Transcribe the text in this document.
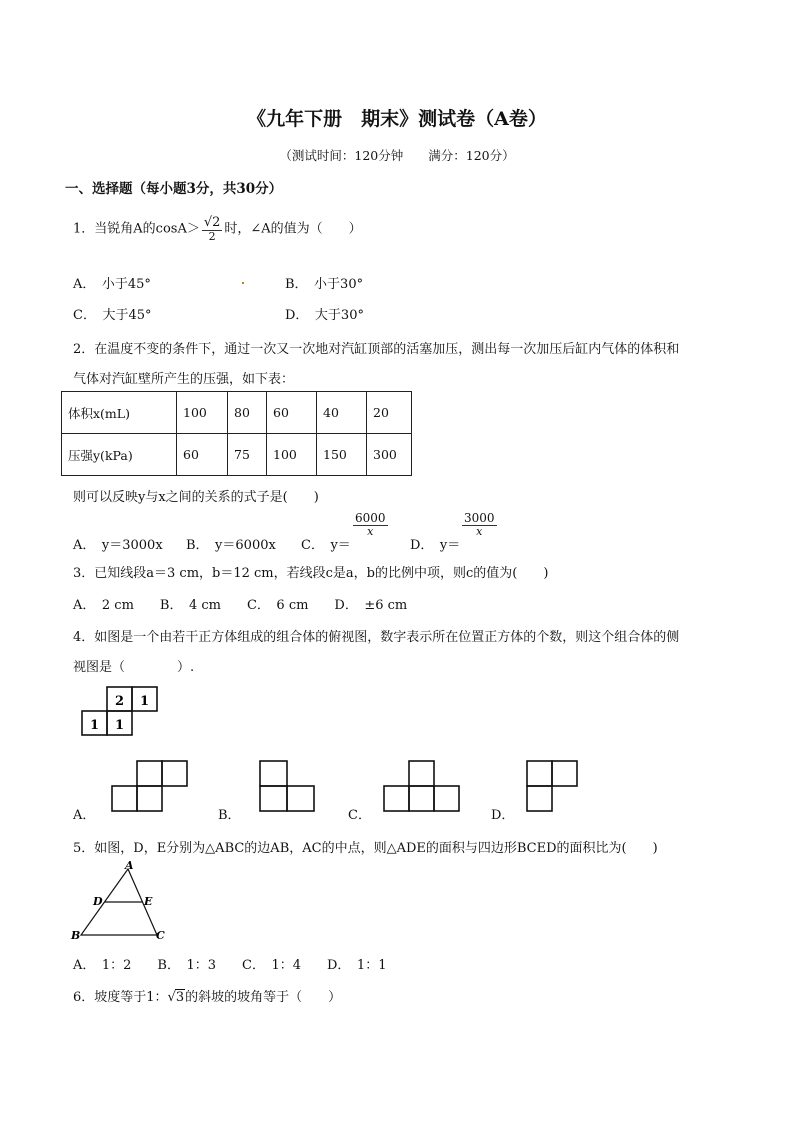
《九年下册　期末》测试卷（A卷）
（测试时间：120分钟　　满分：120分）
一、选择题（每小题3分，共30分）
1．当锐角A的$\cos A> \frac{√2}{2}$ 时，∠A的值为（　　）
A．　小于45°	B．　小于30°
C．　大于45°	D．　大于30°
2．在温度不变的条件下，通过一次又一次地对汽缸顶部的活塞加压，测出每一次加压后缸内气体的体积和
气体对汽缸壁所产生的压强，如下表：
体积x(mL)	100	80	60	40	20
压强y(kPa)	60	75	100	150	300
则可以反映y与x之间的关系的式子是(　　)
A．　y＝3000x B．　y＝6000x C．　y＝
$\frac{6000}{x}$
D．　y＝
$\frac{3000}{x}$
3．已知线段a＝3 cm，b＝12 cm，若线段c是a，b的比例中项，则c的值为(　　)
A．　2 cm　　B．　4 cm　　C．　6 cm　　D．　±6 cm
4．如图是一个由若干正方体组成的组合体的俯视图，数字表示所在位置正方体的个数，则这个组合体的侧
视图是（　　　　）.
2 1
1 1
A．	B．	C．	D．
5．如图，D，E分别为△ABC的边AB，AC的中点，则△ADE的面积与四边形BCED的面积比为(　　)
A
D	E
B	C
A．　1：2　　B．　1：3　　C．　1：4　　D．　1：1
6．坡度等于1：√3的斜坡的坡角等于（　　）
